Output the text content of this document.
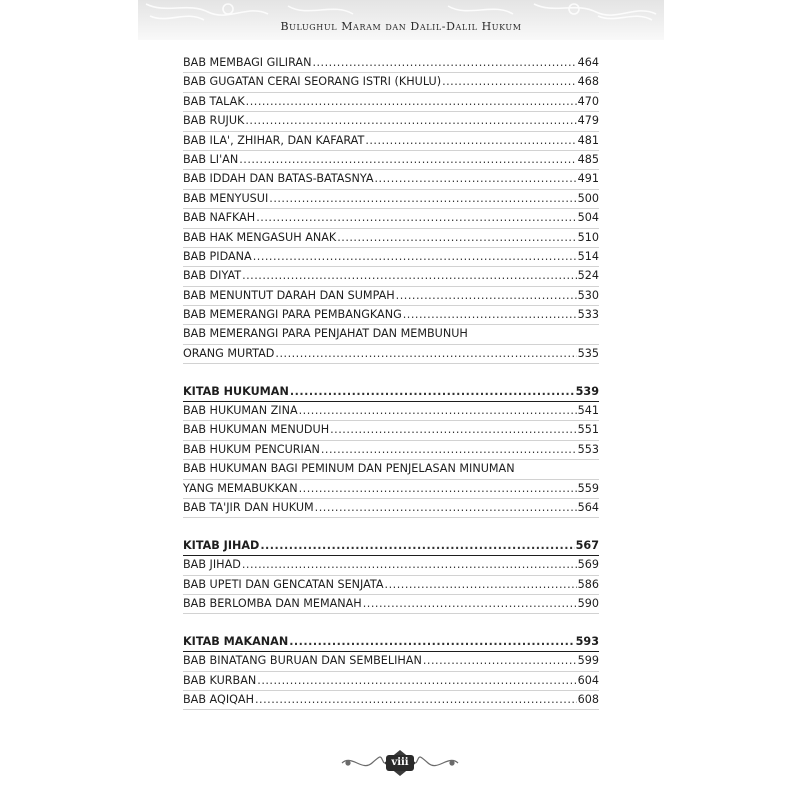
Bulughul Maram dan Dalil-Dalil Hukum
BAB MEMBAGI GILIRAN .....	464
BAB GUGATAN CERAI SEORANG ISTRI (KHULU) .....	468
BAB TALAK .....	470
BAB RUJUK .....	479
BAB ILA', ZHIHAR, DAN KAFARAT .....	481
BAB LI'AN .....	485
BAB IDDAH DAN BATAS-BATASNYA .....	491
BAB MENYUSUI .....	500
BAB NAFKAH .....	504
BAB HAK MENGASUH ANAK .....	510
BAB PIDANA .....	514
BAB DIYAT .....	524
BAB MENUNTUT DARAH DAN SUMPAH .....	530
BAB MEMERANGI PARA PEMBANGKANG .....	533
BAB MEMERANGI PARA PENJAHAT DAN MEMBUNUH
ORANG MURTAD .....	535
KITAB HUKUMAN .....	539
BAB HUKUMAN ZINA .....	541
BAB HUKUMAN MENUDUH .....	551
BAB HUKUM PENCURIAN .....	553
BAB HUKUMAN BAGI PEMINUM DAN PENJELASAN MINUMAN
YANG MEMABUKKAN .....	559
BAB TA'JIR DAN HUKUM .....	564
KITAB JIHAD .....	567
BAB JIHAD .....	569
BAB UPETI DAN GENCATAN SENJATA .....	586
BAB BERLOMBA DAN MEMANAH .....	590
KITAB MAKANAN .....	593
BAB BINATANG BURUAN DAN SEMBELIHAN .....	599
BAB KURBAN .....	604
BAB AQIQAH .....	608
viii
